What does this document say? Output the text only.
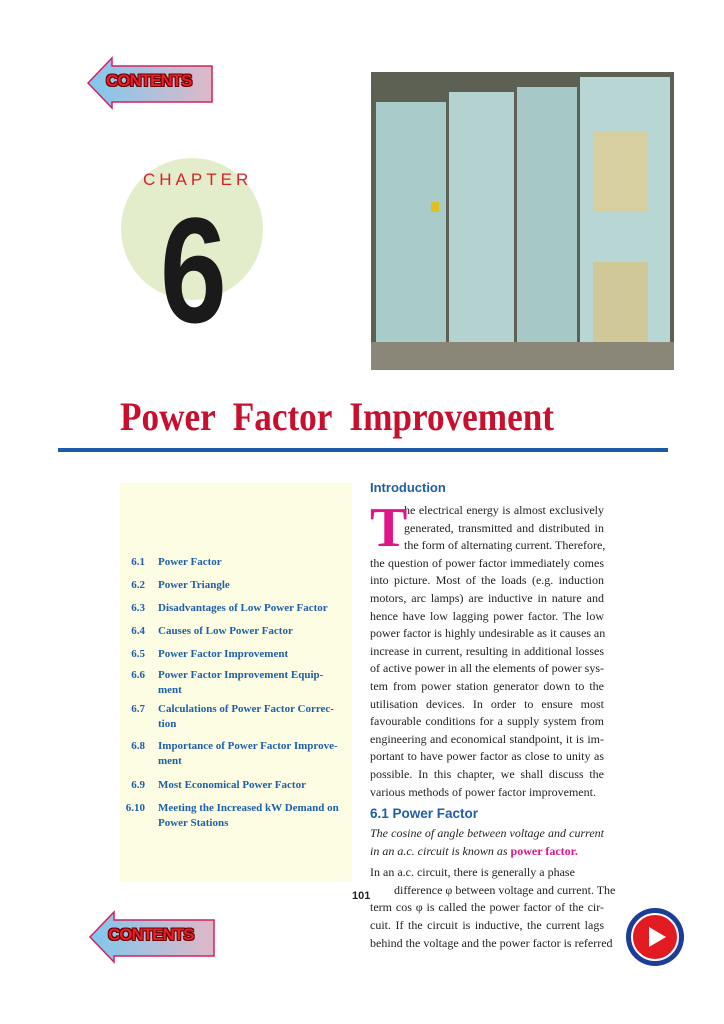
CONTENTS
CHAPTER
6
Power Factor Improvement
6.1 Power Factor
6.2 Power Triangle
6.3 Disadvantages of Low Power Factor
6.4 Causes of Low Power Factor
6.5 Power Factor Improvement
6.6 Power Factor Improvement Equip-ment
6.7 Calculations of Power Factor Correc-tion
6.8 Importance of Power Factor Improve-ment
6.9 Most Economical Power Factor
6.10 Meeting the Increased kW Demand on Power Stations
Introduction
T
he electrical energy is almost exclusively
generated, transmitted and distributed in
the form of alternating current. Therefore,
the question of power factor immediately comes
into picture. Most of the loads (e.g. induction
motors, arc lamps) are inductive in nature and
hence have low lagging power factor. The low
power factor is highly undesirable as it causes an
increase in current, resulting in additional losses
of active power in all the elements of power sys-
tem from power station generator down to the
utilisation devices. In order to ensure most
favourable conditions for a supply system from
engineering and economical standpoint, it is im-
portant to have power factor as close to unity as
possible. In this chapter, we shall discuss the
various methods of power factor improvement.
6.1 Power Factor
The cosine of angle between voltage and current
in an a.c. circuit is known as power factor.
In an a.c. circuit, there is generally a phase
difference φ between voltage and current. The
term cos φ is called the power factor of the cir-
cuit. If the circuit is inductive, the current lags
behind the voltage and the power factor is referred
101
CONTENTS
